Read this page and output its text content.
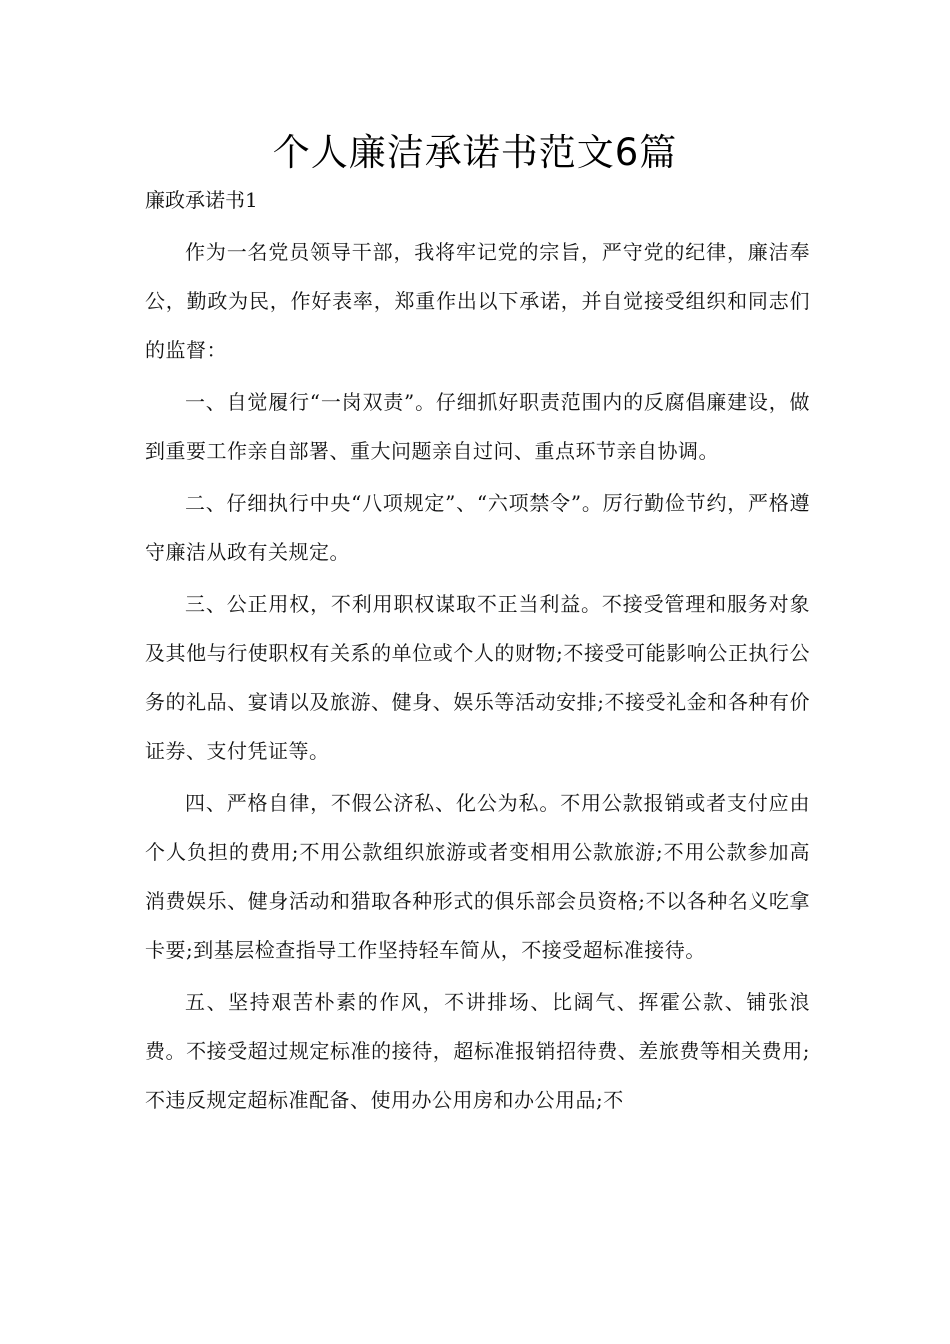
个人廉洁承诺书范文6篇
廉政承诺书1

作为一名党员领导干部，我将牢记党的宗旨，严守党的纪律，廉洁奉公，勤政为民，作好表率，郑重作出以下承诺，并自觉接受组织和同志们的监督：

一、自觉履行“一岗双责”。仔细抓好职责范围内的反腐倡廉建设，做到重要工作亲自部署、重大问题亲自过问、重点环节亲自协调。

二、仔细执行中央“八项规定”、“六项禁令”。厉行勤俭节约，严格遵守廉洁从政有关规定。

三、公正用权，不利用职权谋取不正当利益。不接受管理和服务对象及其他与行使职权有关系的单位或个人的财物;不接受可能影响公正执行公务的礼品、宴请以及旅游、健身、娱乐等活动安排;不接受礼金和各种有价证券、支付凭证等。

四、严格自律，不假公济私、化公为私。不用公款报销或者支付应由个人负担的费用;不用公款组织旅游或者变相用公款旅游;不用公款参加高消费娱乐、健身活动和猎取各种形式的俱乐部会员资格;不以各种名义吃拿卡要;到基层检查指导工作坚持轻车简从，不接受超标准接待。

五、坚持艰苦朴素的作风，不讲排场、比阔气、挥霍公款、铺张浪费。不接受超过规定标准的接待，超标准报销招待费、差旅费等相关费用;不违反规定超标准配备、使用办公用房和办公用品;不
